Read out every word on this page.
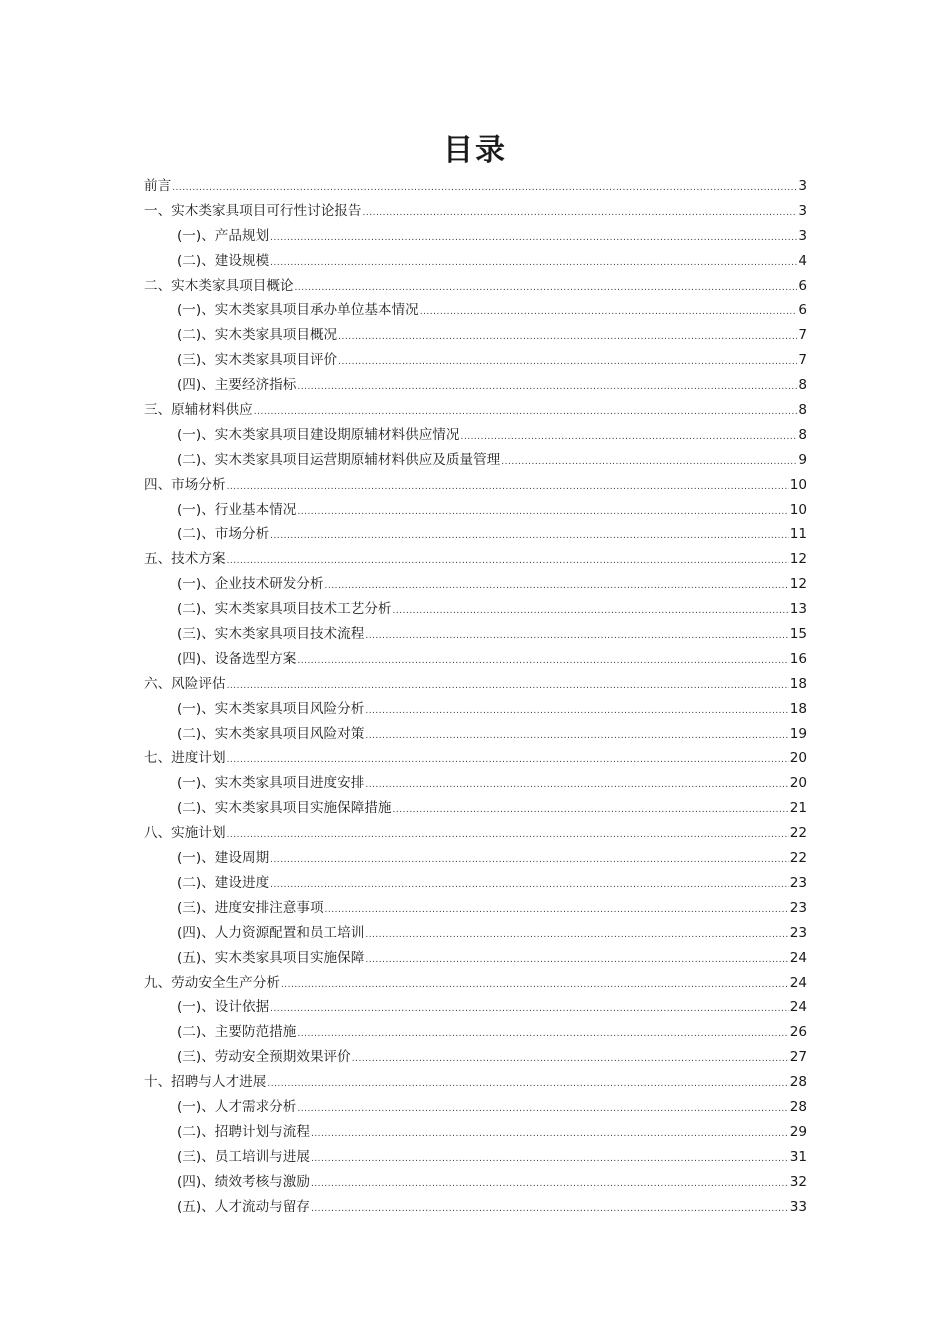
目录
前言 .....	3
一、实木类家具项目可行性讨论报告 .....	3
(一)、产品规划 .....	3
(二)、建设规模 .....	4
二、实木类家具项目概论 .....	6
(一)、实木类家具项目承办单位基本情况 .....	6
(二)、实木类家具项目概况 .....	7
(三)、实木类家具项目评价 .....	7
(四)、主要经济指标 .....	8
三、原辅材料供应 .....	8
(一)、实木类家具项目建设期原辅材料供应情况 .....	8
(二)、实木类家具项目运营期原辅材料供应及质量管理 .....	9
四、市场分析 .....	10
(一)、行业基本情况 .....	10
(二)、市场分析 .....	11
五、技术方案 .....	12
(一)、企业技术研发分析 .....	12
(二)、实木类家具项目技术工艺分析 .....	13
(三)、实木类家具项目技术流程 .....	15
(四)、设备选型方案 .....	16
六、风险评估 .....	18
(一)、实木类家具项目风险分析 .....	18
(二)、实木类家具项目风险对策 .....	19
七、进度计划 .....	20
(一)、实木类家具项目进度安排 .....	20
(二)、实木类家具项目实施保障措施 .....	21
八、实施计划 .....	22
(一)、建设周期 .....	22
(二)、建设进度 .....	23
(三)、进度安排注意事项 .....	23
(四)、人力资源配置和员工培训 .....	23
(五)、实木类家具项目实施保障 .....	24
九、劳动安全生产分析 .....	24
(一)、设计依据 .....	24
(二)、主要防范措施 .....	26
(三)、劳动安全预期效果评价 .....	27
十、招聘与人才进展 .....	28
(一)、人才需求分析 .....	28
(二)、招聘计划与流程 .....	29
(三)、员工培训与进展 .....	31
(四)、绩效考核与激励 .....	32
(五)、人才流动与留存 .....	33
